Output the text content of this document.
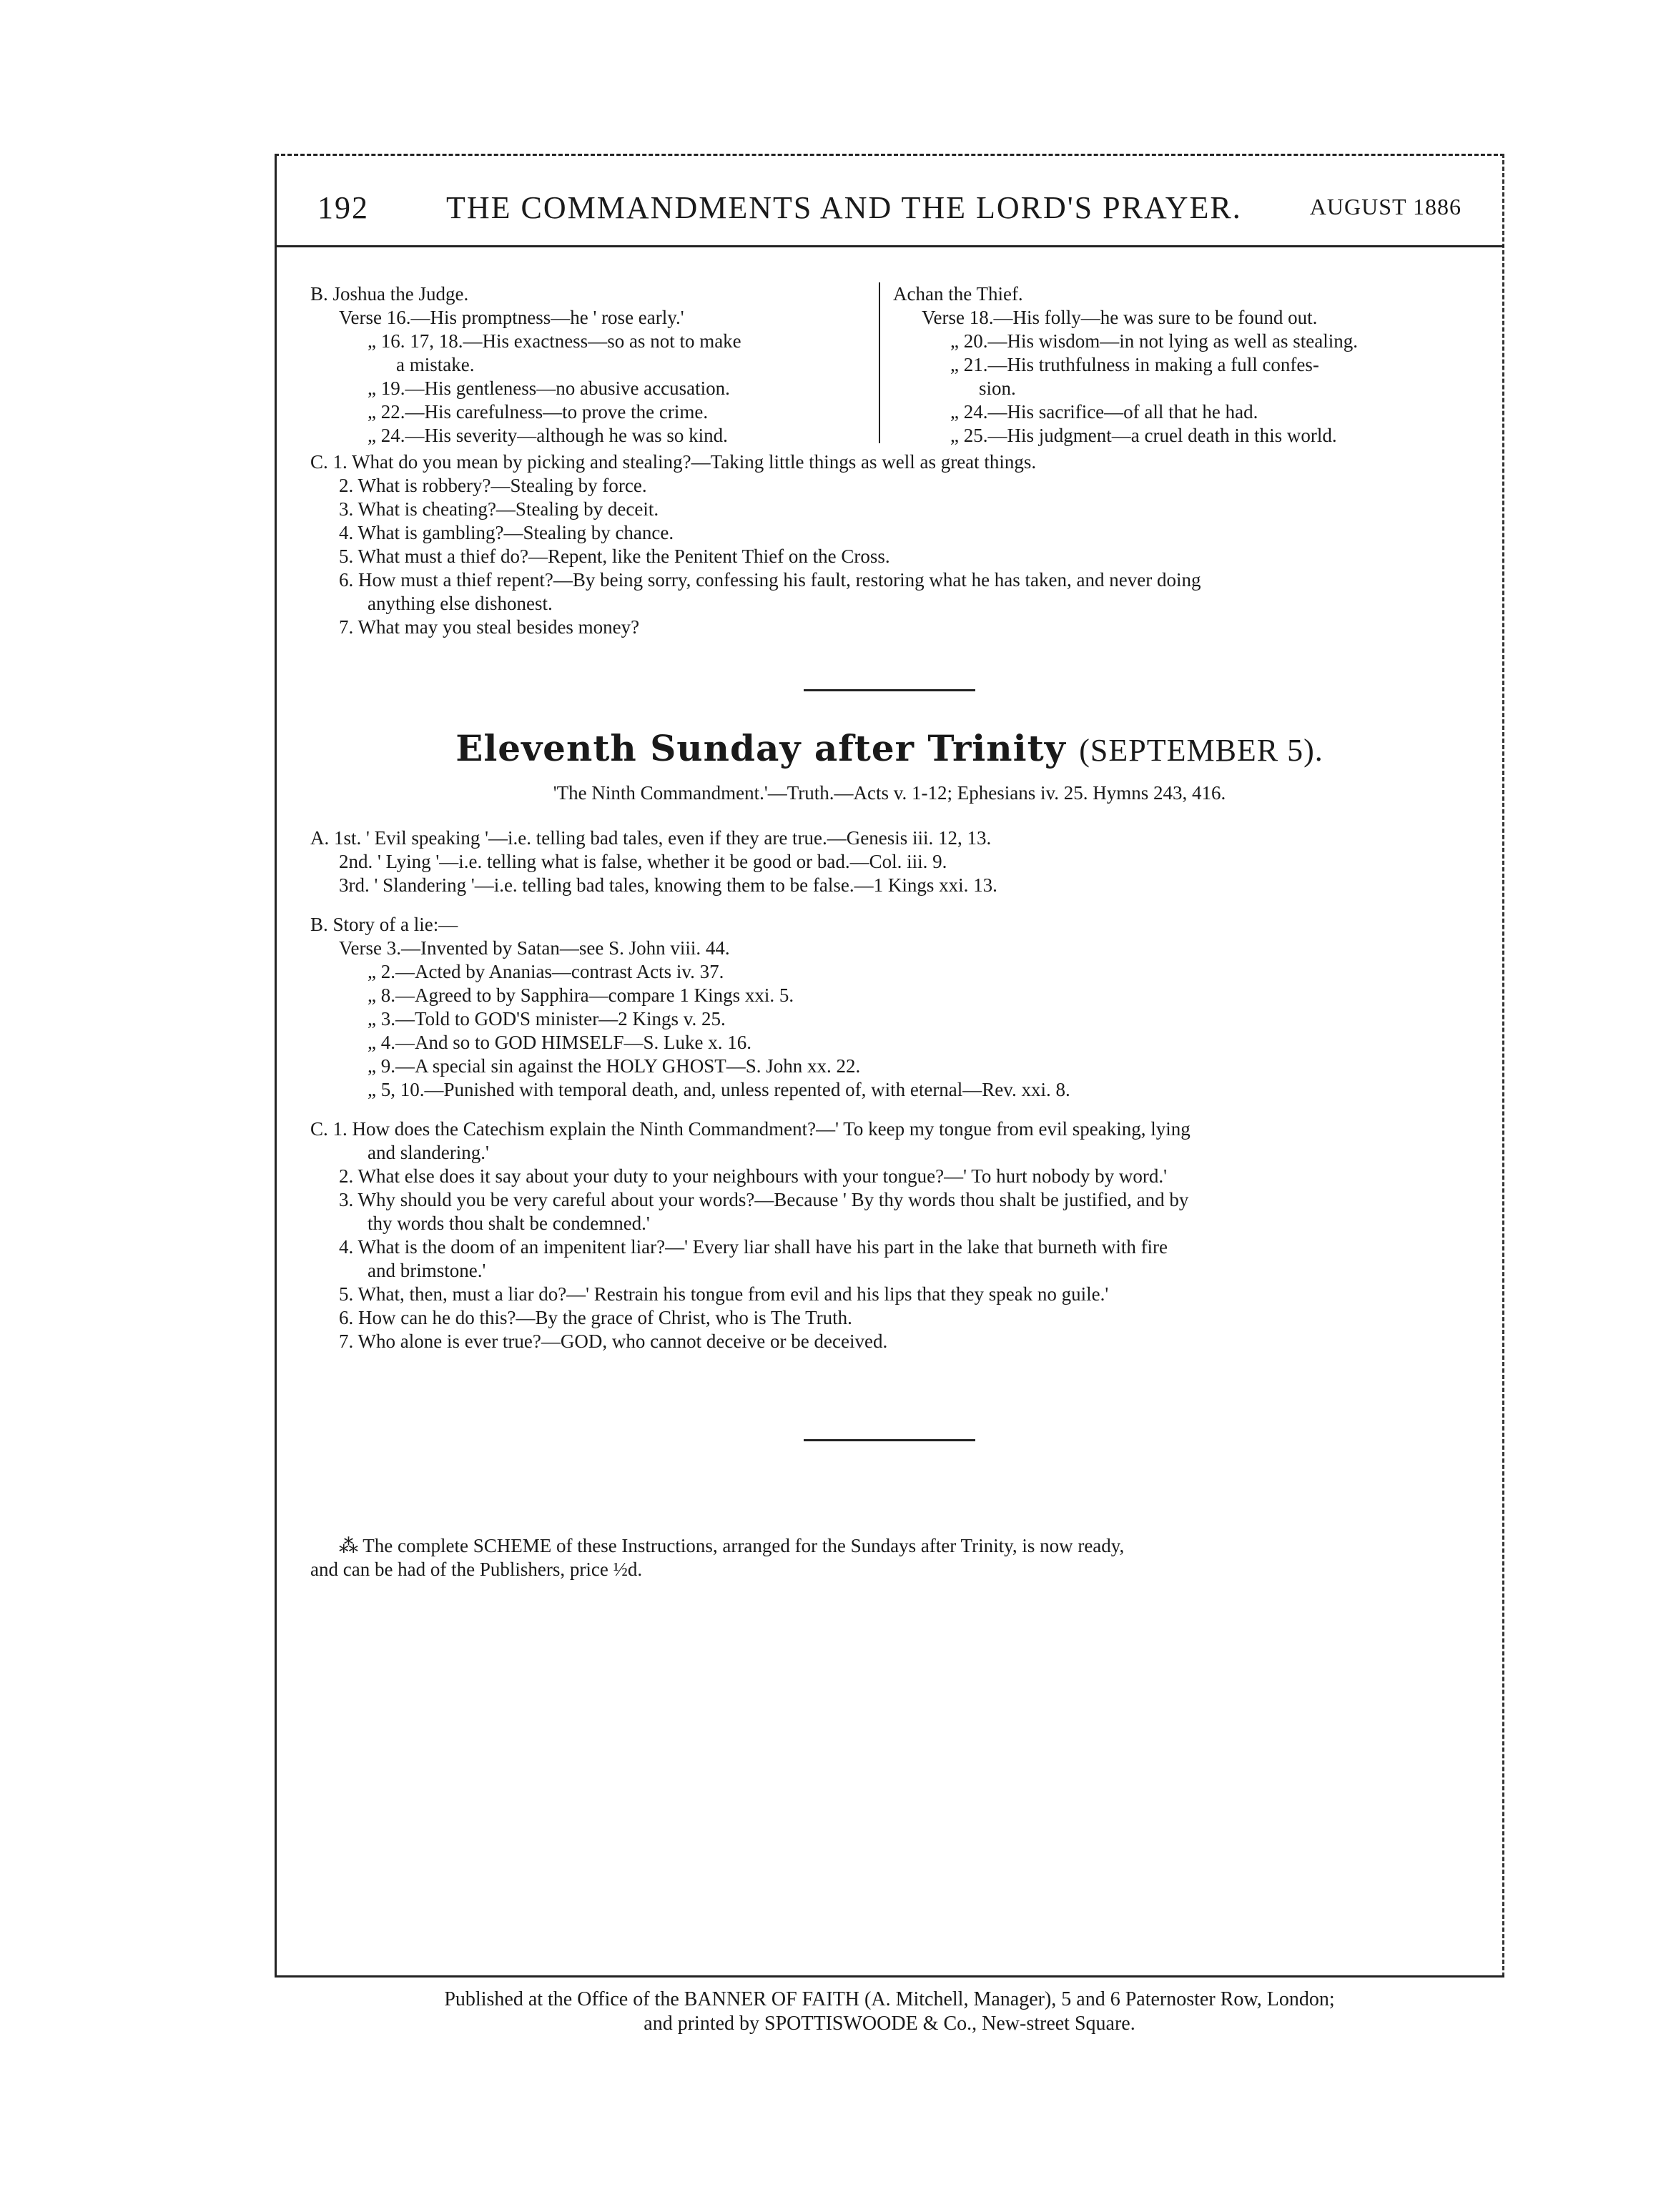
192 THE COMMANDMENTS AND THE LORD'S PRAYER.	AUGUST 1886
B. Joshua the Judge.
Verse 16.—His promptness—he ' rose early.'
„ 16. 17, 18.—His exactness—so as not to make
a mistake.
„ 19.—His gentleness—no abusive accusation.
„ 22.—His carefulness—to prove the crime.
„ 24.—His severity—although he was so kind.
Achan the Thief.
Verse 18.—His folly—he was sure to be found out.
„ 20.—His wisdom—in not lying as well as stealing.
„ 21.—His truthfulness in making a full confes-
sion.
„ 24.—His sacrifice—of all that he had.
„ 25.—His judgment—a cruel death in this world.
C. 1. What do you mean by picking and stealing?—Taking little things as well as great things.
2. What is robbery?—Stealing by force.
3. What is cheating?—Stealing by deceit.
4. What is gambling?—Stealing by chance.
5. What must a thief do?—Repent, like the Penitent Thief on the Cross.
6. How must a thief repent?—By being sorry, confessing his fault, restoring what he has taken, and never doing
anything else dishonest.
7. What may you steal besides money?
Eleventh Sunday after Trinity (SEPTEMBER 5).
'The Ninth Commandment.'—Truth.—Acts v. 1-12; Ephesians iv. 25. Hymns 243, 416.
A. 1st. ' Evil speaking '—i.e. telling bad tales, even if they are true.—Genesis iii. 12, 13.
2nd. ' Lying '—i.e. telling what is false, whether it be good or bad.—Col. iii. 9.
3rd. ' Slandering '—i.e. telling bad tales, knowing them to be false.—1 Kings xxi. 13.
B. Story of a lie:—
Verse 3.—Invented by Satan—see S. John viii. 44.
„ 2.—Acted by Ananias—contrast Acts iv. 37.
„ 8.—Agreed to by Sapphira—compare 1 Kings xxi. 5.
„ 3.—Told to GOD'S minister—2 Kings v. 25.
„ 4.—And so to GOD HIMSELF—S. Luke x. 16.
„ 9.—A special sin against the HOLY GHOST—S. John xx. 22.
„ 5, 10.—Punished with temporal death, and, unless repented of, with eternal—Rev. xxi. 8.
C. 1. How does the Catechism explain the Ninth Commandment?—' To keep my tongue from evil speaking, lying
and slandering.'
2. What else does it say about your duty to your neighbours with your tongue?—' To hurt nobody by word.'
3. Why should you be very careful about your words?—Because ' By thy words thou shalt be justified, and by
thy words thou shalt be condemned.'
4. What is the doom of an impenitent liar?—' Every liar shall have his part in the lake that burneth with fire
and brimstone.'
5. What, then, must a liar do?—' Restrain his tongue from evil and his lips that they speak no guile.'
6. How can he do this?—By the grace of Christ, who is The Truth.
7. Who alone is ever true?—GOD, who cannot deceive or be deceived.
⁂ The complete SCHEME of these Instructions, arranged for the Sundays after Trinity, is now ready,
and can be had of the Publishers, price ½d.
Published at the Office of the BANNER OF FAITH (A. Mitchell, Manager), 5 and 6 Paternoster Row, London;
and printed by SPOTTISWOODE & Co., New-street Square.
